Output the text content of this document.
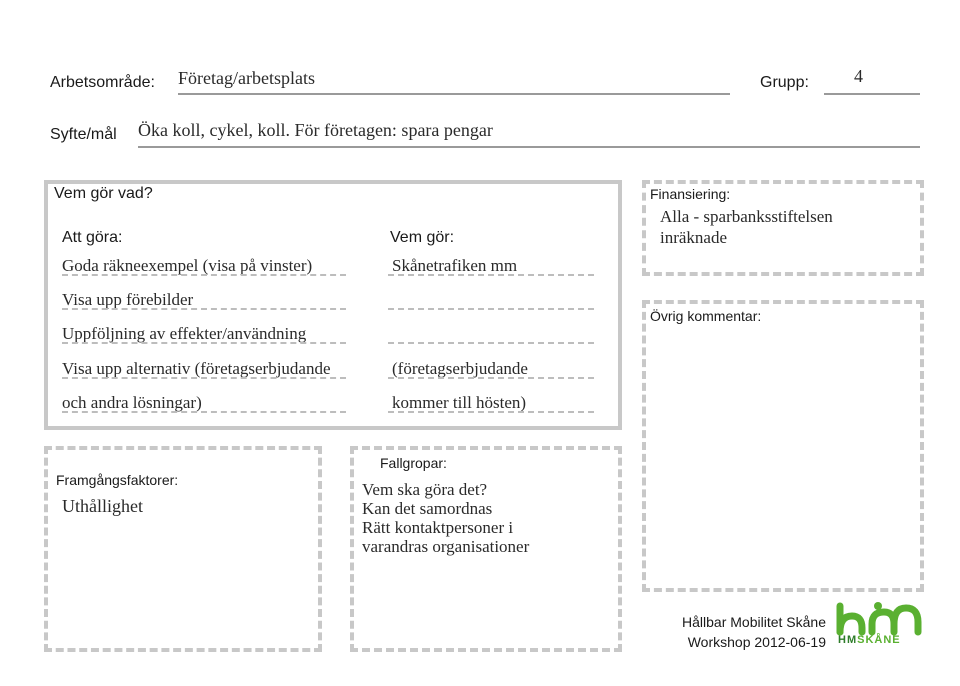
Arbetsområde: Företag/arbetsplats	Grupp:	4
Syfte/mål Öka koll, cykel, koll. För företagen: spara pengar
Vem gör vad?
Att göra:	Vem gör:
Goda räkneexempel (visa på vinster)	Skånetrafiken mm
Visa upp förebilder
Uppföljning av effekter/användning
Visa upp alternativ (företagserbjudande	(företagserbjudande
och andra lösningar)	kommer till hösten)
Finansiering:
Alla - sparbanksstiftelsen
inräknade
Övrig kommentar:
Framgångsfaktorer:
Uthållighet
Fallgropar:
Vem ska göra det?
Kan det samordnas
Rätt kontaktpersoner i
varandras organisationer
Hållbar Mobilitet Skåne
Workshop 2012-06-19 HMSKÅNE
